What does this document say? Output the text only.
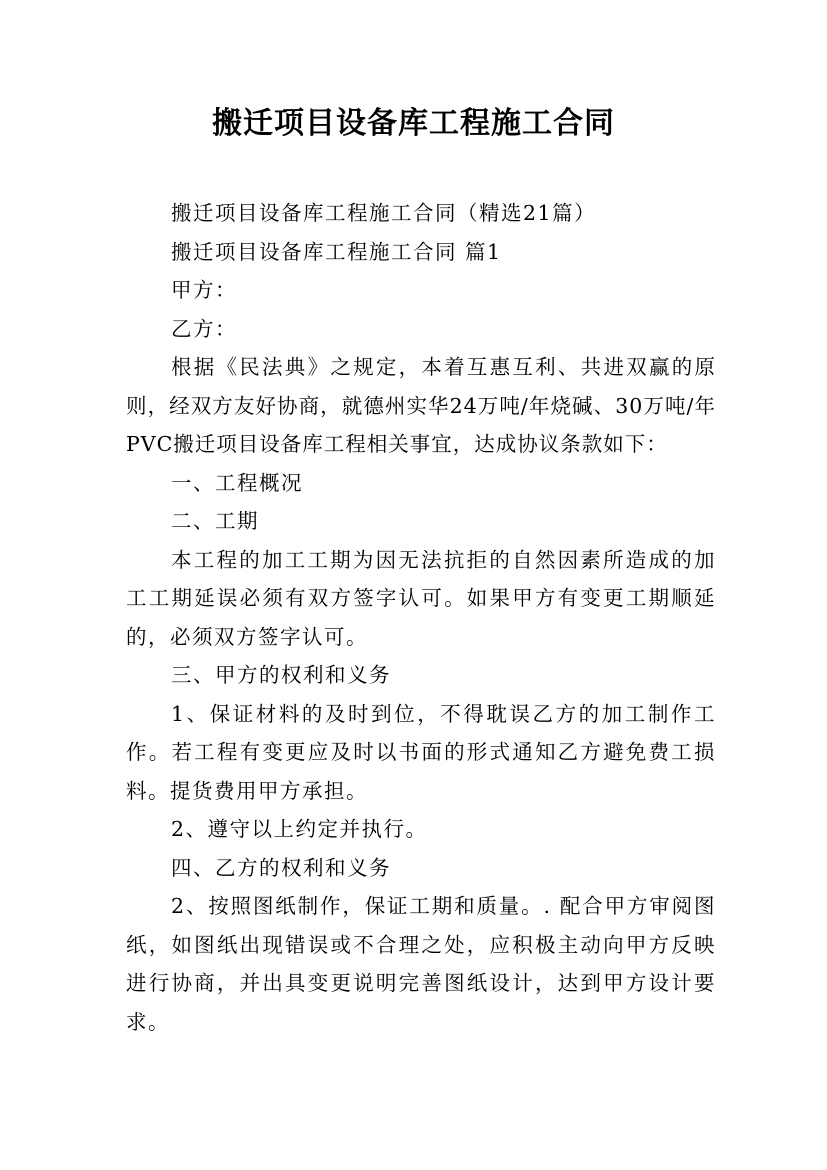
搬迁项目设备库工程施工合同

搬迁项目设备库工程施工合同（精选21篇）

搬迁项目设备库工程施工合同 篇1

甲方：

乙方：

根据《民法典》之规定，本着互惠互利、共进双赢的原则，经双方友好协商，就德州实华24万吨/年烧碱、30万吨/年PVC搬迁项目设备库工程相关事宜，达成协议条款如下：

一、工程概况

二、工期

本工程的加工工期为因无法抗拒的自然因素所造成的加工工期延误必须有双方签字认可。如果甲方有变更工期顺延的，必须双方签字认可。

三、甲方的权利和义务

1、保证材料的及时到位，不得耽误乙方的加工制作工作。若工程有变更应及时以书面的形式通知乙方避免费工损料。提货费用甲方承担。

2、遵守以上约定并执行。

四、乙方的权利和义务

2、按照图纸制作，保证工期和质量。. 配合甲方审阅图纸，如图纸出现错误或不合理之处，应积极主动向甲方反映进行协商，并出具变更说明完善图纸设计，达到甲方设计要求。
